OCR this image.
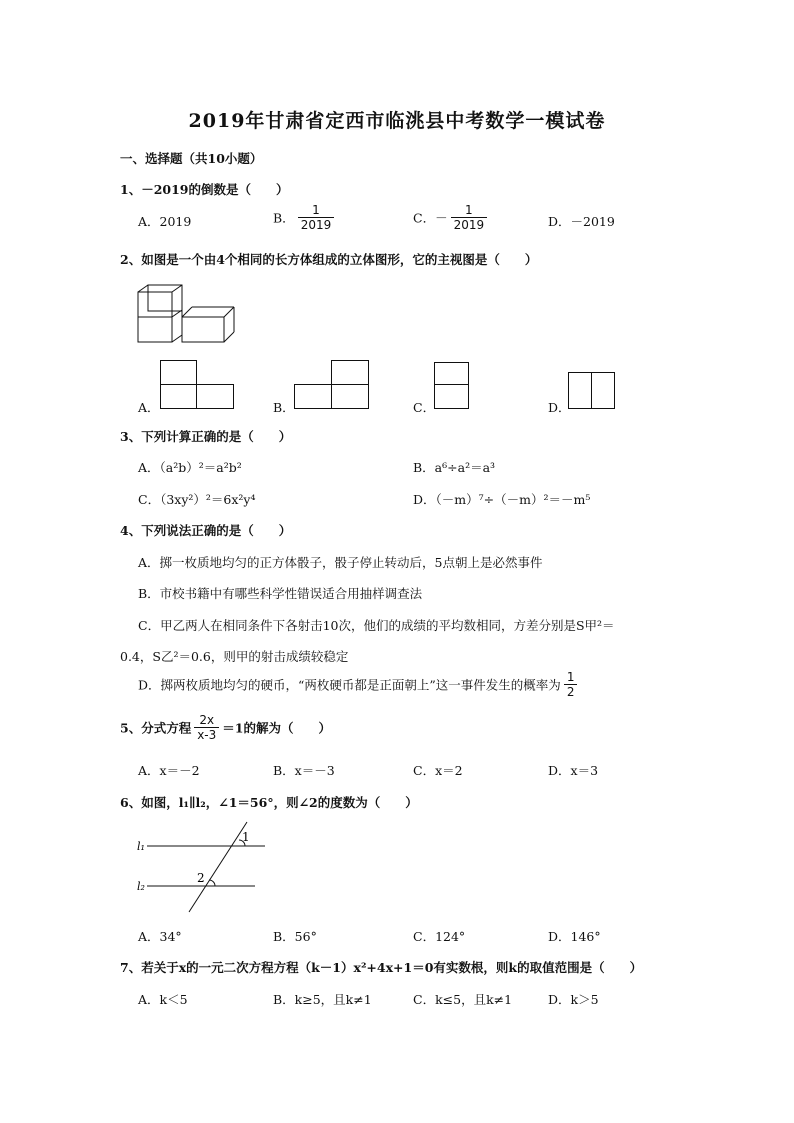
2019年甘肃省定西市临洮县中考数学一模试卷
一、选择题（共10小题）
1、－2019的倒数是（　　）
A．2019	B． $\frac{1}{2019}$	C．－ $\frac{1}{2019}$	D．－2019
2、如图是一个由4个相同的长方体组成的立体图形，它的主视图是（　　）
A．	B．	C．	D．
3、下列计算正确的是（　　）
A．（a²b）²＝a²b²	B．a⁶÷a²＝a³
C．（3xy²）²＝6x²y⁴	D．（－m）⁷÷（－m）²＝－m⁵
4、下列说法正确的是（　　）
A．掷一枚质地均匀的正方体骰子，骰子停止转动后，5点朝上是必然事件
B．市校书籍中有哪些科学性错误适合用抽样调查法
C．甲乙两人在相同条件下各射击10次，他们的成绩的平均数相同，方差分别是S甲²＝
0.4，S乙²＝0.6，则甲的射击成绩较稳定
D．掷两枚质地均匀的硬币，“两枚硬币都是正面朝上”这一事件发生的概率为 $\frac{1}{2}$
5、分式方程 $\frac{2x}{x-3} =1$的解为（　　）
A．x＝－2	B．x＝－3	C．x＝2	D．x＝3
6、如图，l₁∥l₂，∠1＝56°，则∠2的度数为（　　）
l₁
l₂
1
2
A．34°	B．56°	C．124°	D．146°
7、若关于x的一元二次方程方程（k－1）x²+4x+1＝0有实数根，则k的取值范围是（　　）
A．k＜5	B．k≥5，且k≠1	C．k≤5，且k≠1	D．k＞5
